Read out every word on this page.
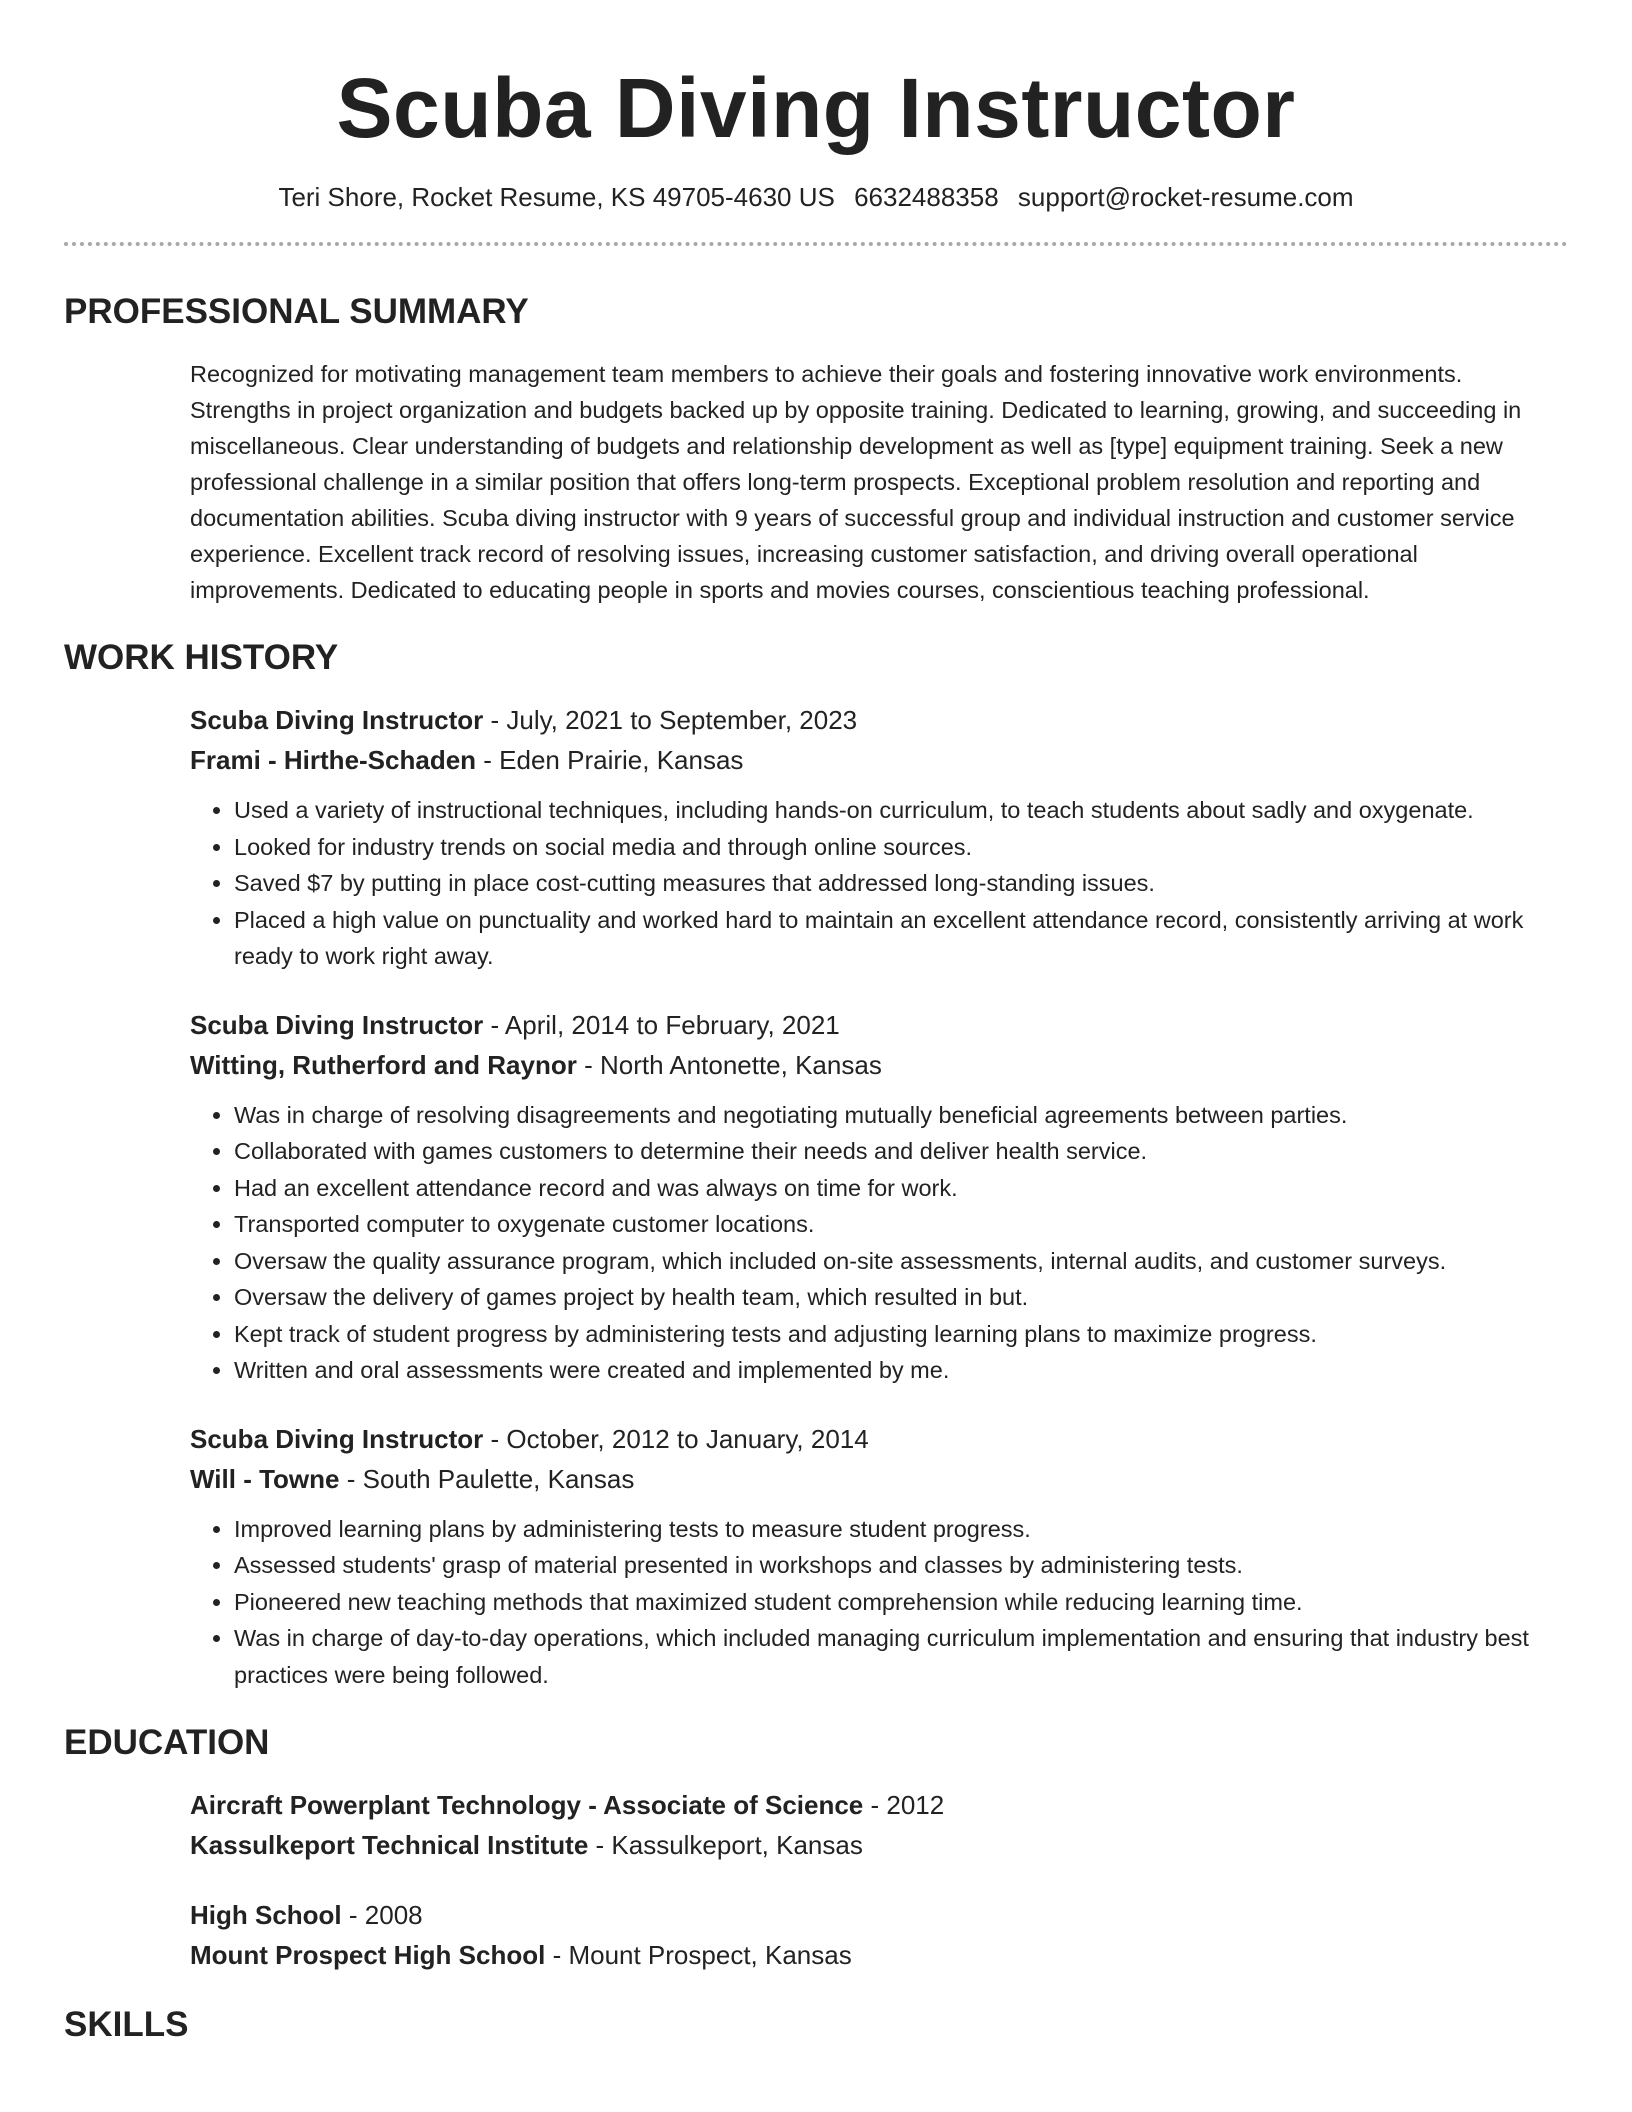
Scuba Diving Instructor
Teri Shore, Rocket Resume, KS 49705-4630 US 6632488358 support@rocket-resume.com
PROFESSIONAL SUMMARY
Recognized for motivating management team members to achieve their goals and fostering innovative work environments. Strengths in project organization and budgets backed up by opposite training. Dedicated to learning, growing, and succeeding in miscellaneous. Clear understanding of budgets and relationship development as well as [type] equipment training. Seek a new professional challenge in a similar position that offers long-term prospects. Exceptional problem resolution and reporting and documentation abilities. Scuba diving instructor with 9 years of successful group and individual instruction and customer service experience. Excellent track record of resolving issues, increasing customer satisfaction, and driving overall operational improvements. Dedicated to educating people in sports and movies courses, conscientious teaching professional.
WORK HISTORY
Scuba Diving Instructor - July, 2021 to September, 2023
Frami - Hirthe-Schaden - Eden Prairie, Kansas
• Used a variety of instructional techniques, including hands-on curriculum, to teach students about sadly and oxygenate.
• Looked for industry trends on social media and through online sources.
• Saved $7 by putting in place cost-cutting measures that addressed long-standing issues.
• Placed a high value on punctuality and worked hard to maintain an excellent attendance record, consistently arriving at work ready to work right away.
Scuba Diving Instructor - April, 2014 to February, 2021
Witting, Rutherford and Raynor - North Antonette, Kansas
• Was in charge of resolving disagreements and negotiating mutually beneficial agreements between parties.
• Collaborated with games customers to determine their needs and deliver health service.
• Had an excellent attendance record and was always on time for work.
• Transported computer to oxygenate customer locations.
• Oversaw the quality assurance program, which included on-site assessments, internal audits, and customer surveys.
• Oversaw the delivery of games project by health team, which resulted in but.
• Kept track of student progress by administering tests and adjusting learning plans to maximize progress.
• Written and oral assessments were created and implemented by me.
Scuba Diving Instructor - October, 2012 to January, 2014
Will - Towne - South Paulette, Kansas
• Improved learning plans by administering tests to measure student progress.
• Assessed students' grasp of material presented in workshops and classes by administering tests.
• Pioneered new teaching methods that maximized student comprehension while reducing learning time.
• Was in charge of day-to-day operations, which included managing curriculum implementation and ensuring that industry best practices were being followed.
EDUCATION
Aircraft Powerplant Technology - Associate of Science - 2012
Kassulkeport Technical Institute - Kassulkeport, Kansas
High School - 2008
Mount Prospect High School - Mount Prospect, Kansas
SKILLS
